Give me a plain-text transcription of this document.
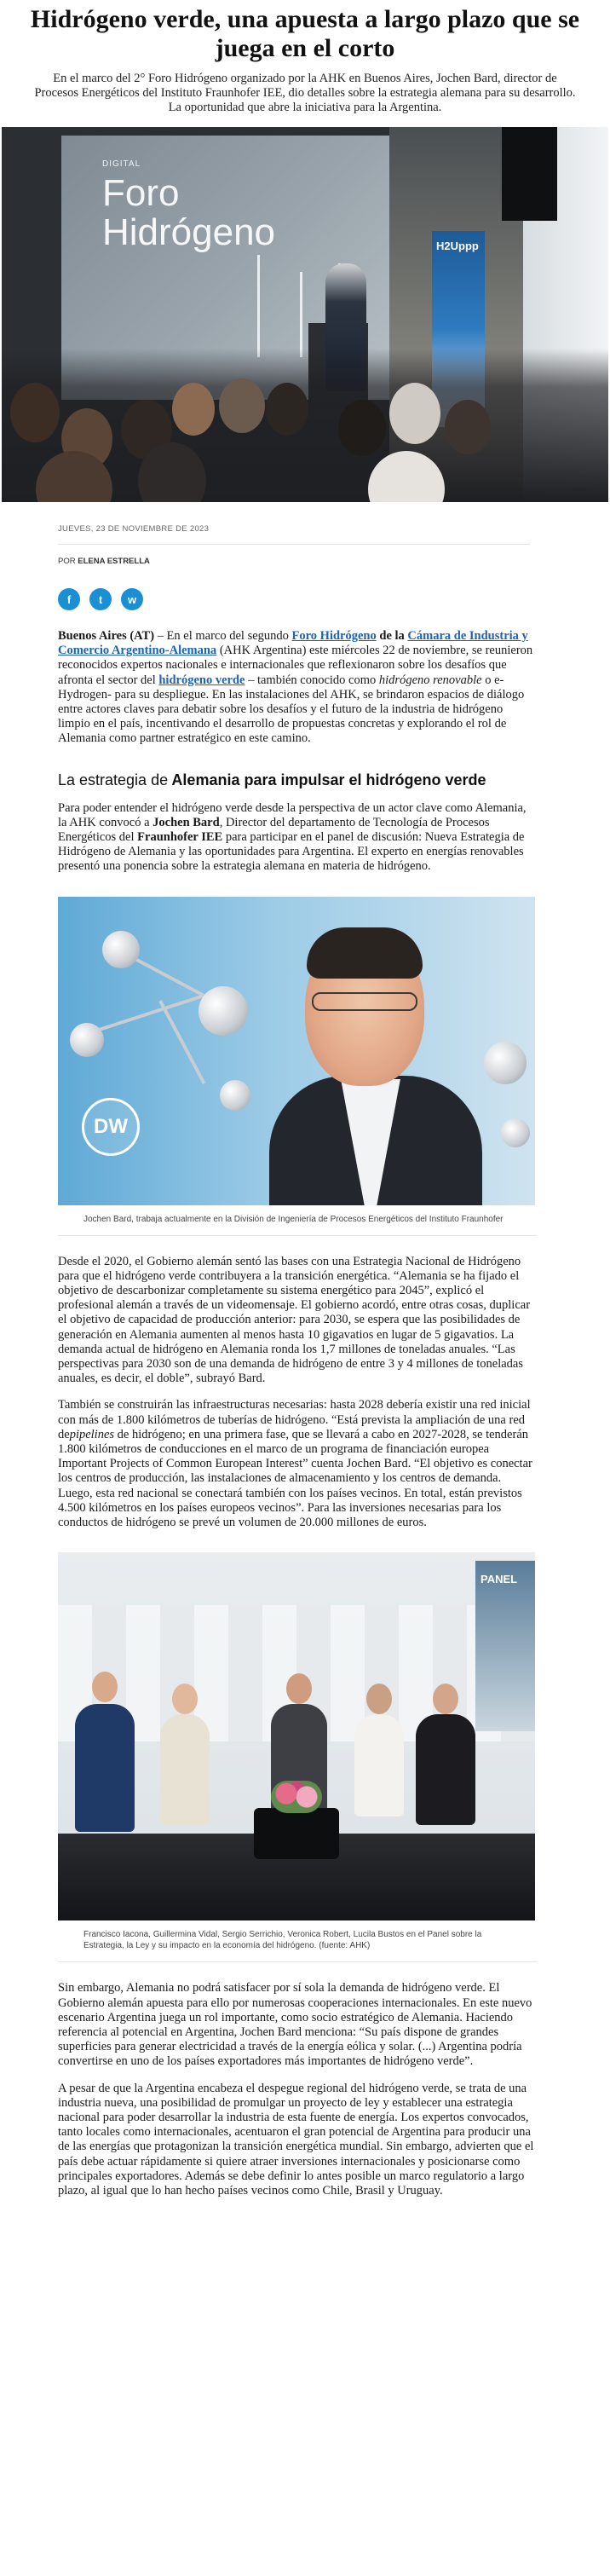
Hidrógeno verde, una apuesta a largo plazo que se juega en el corto

En el marco del 2° Foro Hidrógeno organizado por la AHK en Buenos Aires, Jochen Bard, director de Procesos Energéticos del Instituto Fraunhofer IEE, dio detalles sobre la estrategia alemana para su desarrollo. La oportunidad que abre la iniciativa para la Argentina.

DIGITAL
Foro
Hidrógeno	H2Uppp
JUEVES, 23 DE NOVIEMBRE DE 2023
POR ELENA ESTRELLA
f	t w

Buenos Aires (AT) – En el marco del segundo Foro Hidrógeno de la Cámara de Industria y Comercio Argentino-Alemana (AHK Argentina) este miércoles 22 de noviembre, se reunieron reconocidos expertos nacionales e internacionales que reflexionaron sobre los desafíos que afronta el sector del hidrógeno verde – también conocido como hidrógeno renovable o e-Hydrogen- para su despliegue. En las instalaciones del AHK, se brindaron espacios de diálogo entre actores claves para debatir sobre los desafíos y el futuro de la industria de hidrógeno limpio en el país, incentivando el desarrollo de propuestas concretas y explorando el rol de Alemania como partner estratégico en este camino.

La estrategia de Alemania para impulsar el hidrógeno verde

Para poder entender el hidrógeno verde desde la perspectiva de un actor clave como Alemania, la AHK convocó a Jochen Bard, Director del departamento de Tecnología de Procesos Energéticos del Fraunhofer IEE para participar en el panel de discusión: Nueva Estrategia de Hidrógeno de Alemania y las oportunidades para Argentina. El experto en energías renovables presentó una ponencia sobre la estrategia alemana en materia de hidrógeno.

DW
Jochen Bard, trabaja actualmente en la División de Ingeniería de Procesos Energéticos del Instituto Fraunhofer

Desde el 2020, el Gobierno alemán sentó las bases con una Estrategia Nacional de Hidrógeno para que el hidrógeno verde contribuyera a la transición energética. “Alemania se ha fijado el objetivo de descarbonizar completamente su sistema energético para 2045”, explicó el profesional alemán a través de un videomensaje. El gobierno acordó, entre otras cosas, duplicar el objetivo de capacidad de producción anterior: para 2030, se espera que las posibilidades de generación en Alemania aumenten al menos hasta 10 gigavatios en lugar de 5 gigavatios. La demanda actual de hidrógeno en Alemania ronda los 1,7 millones de toneladas anuales. “Las perspectivas para 2030 son de una demanda de hidrógeno de entre 3 y 4 millones de toneladas anuales, es decir, el doble”, subrayó Bard.

También se construirán las infraestructuras necesarias: hasta 2028 debería existir una red inicial con más de 1.800 kilómetros de tuberías de hidrógeno. “Está prevista la ampliación de una red depipelines de hidrógeno; en una primera fase, que se llevará a cabo en 2027-2028, se tenderán 1.800 kilómetros de conducciones en el marco de un programa de financiación europea Important Projects of Common European Interest” cuenta Jochen Bard. “El objetivo es conectar los centros de producción, las instalaciones de almacenamiento y los centros de demanda. Luego, esta red nacional se conectará también con los países vecinos. En total, están previstos 4.500 kilómetros en los países europeos vecinos”. Para las inversiones necesarias para los conductos de hidrógeno se prevé un volumen de 20.000 millones de euros.

PANEL
Francisco Iacona, Guillermina Vidal, Sergio Serrichio, Veronica Robert, Lucila Bustos en el Panel sobre la Estrategia, la Ley y su impacto en la economía del hidrógeno. (fuente: AHK)

Sin embargo, Alemania no podrá satisfacer por sí sola la demanda de hidrógeno verde. El Gobierno alemán apuesta para ello por numerosas cooperaciones internacionales. En este nuevo escenario Argentina juega un rol importante, como socio estratégico de Alemania. Haciendo referencia al potencial en Argentina, Jochen Bard menciona: “Su país dispone de grandes superficies para generar electricidad a través de la energía eólica y solar. (...) Argentina podría convertirse en uno de los países exportadores más importantes de hidrógeno verde”.

A pesar de que la Argentina encabeza el despegue regional del hidrógeno verde, se trata de una industria nueva, una posibilidad de promulgar un proyecto de ley y establecer una estrategia nacional para poder desarrollar la industria de esta fuente de energía. Los expertos convocados, tanto locales como internacionales, acentuaron el gran potencial de Argentina para producir una de las energías que protagonizan la transición energética mundial. Sin embargo, advierten que el país debe actuar rápidamente si quiere atraer inversiones internacionales y posicionarse como principales exportadores. Además se debe definir lo antes posible un marco regulatorio a largo plazo, al igual que lo han hecho países vecinos como Chile, Brasil y Uruguay.
